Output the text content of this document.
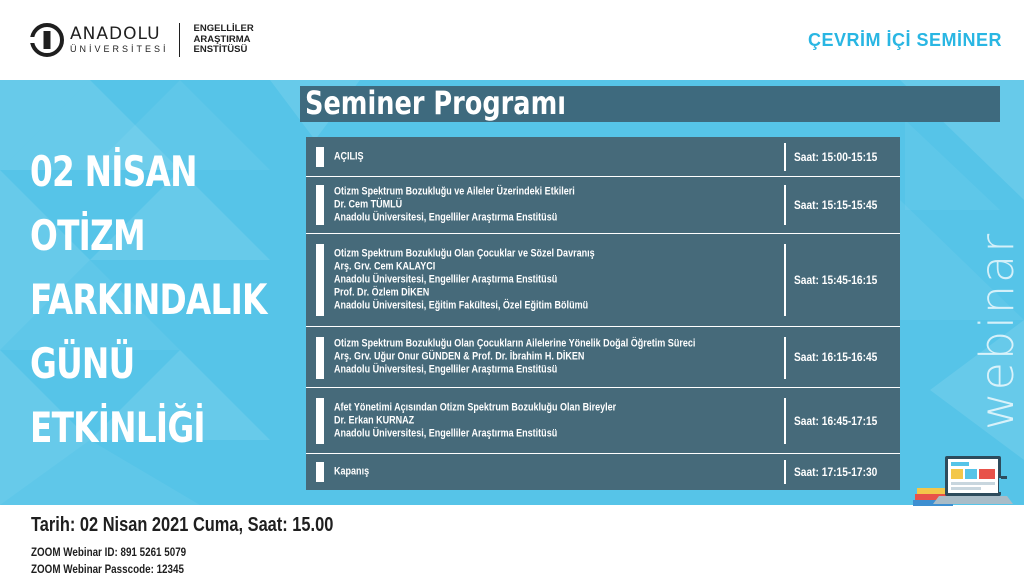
ANADOLU
ÜNİVERSİTESİ
ENGELLİLER
ARAŞTIRMA
ENSTİTÜSÜ	ÇEVRİM İÇİ SEMİNER
02 NİSAN
OTİZM
FARKINDALIK
GÜNÜ
ETKİNLİĞİ	webinar
Seminer Programı
AÇILIŞ	Saat: 15:00-15:15
Otizm Spektrum Bozukluğu ve Aileler Üzerindeki Etkileri
Dr. Cem TÜMLÜ
Anadolu Üniversitesi, Engelliler Araştırma Enstitüsü
Saat: 15:15-15:45
Otizm Spektrum Bozukluğu Olan Çocuklar ve Sözel Davranış
Arş. Grv. Cem KALAYCI
Anadolu Üniversitesi, Engelliler Araştırma Enstitüsü
Prof. Dr. Özlem DİKEN
Anadolu Üniversitesi, Eğitim Fakültesi, Özel Eğitim Bölümü
Saat: 15:45-16:15
Otizm Spektrum Bozukluğu Olan Çocukların Ailelerine Yönelik Doğal Öğretim Süreci
Arş. Grv. Uğur Onur GÜNDEN & Prof. Dr. İbrahim H. DİKEN
Anadolu Üniversitesi, Engelliler Araştırma Enstitüsü
Saat: 16:15-16:45
Afet Yönetimi Açısından Otizm Spektrum Bozukluğu Olan Bireyler
Dr. Erkan KURNAZ
Anadolu Üniversitesi, Engelliler Araştırma Enstitüsü
Saat: 16:45-17:15
Kapanış	Saat: 17:15-17:30
Tarih: 02 Nisan 2021 Cuma, Saat: 15.00
ZOOM Webinar ID: 891 5261 5079
ZOOM Webinar Passcode: 12345
